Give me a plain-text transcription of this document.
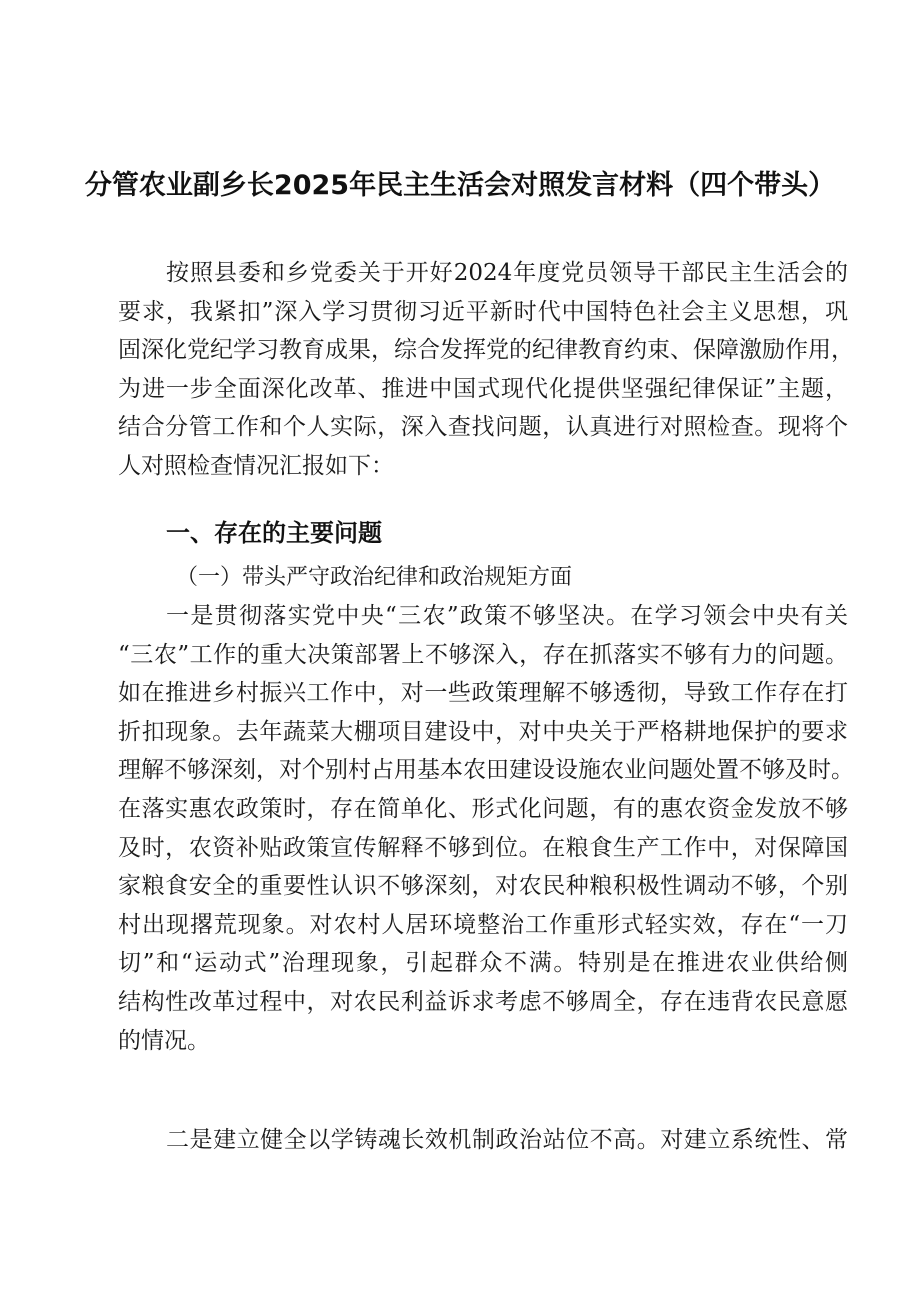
分管农业副乡长2025年民主生活会对照发言材料（四个带头）
按照县委和乡党委关于开好2024年度党员领导干部民主生活会的
要求，我紧扣”深入学习贯彻习近平新时代中国特色社会主义思想，巩
固深化党纪学习教育成果，综合发挥党的纪律教育约束、保障激励作用，
为进一步全面深化改革、推进中国式现代化提供坚强纪律保证”主题，
结合分管工作和个人实际，深入查找问题，认真进行对照检查。现将个
人对照检查情况汇报如下：
一、存在的主要问题
（一）带头严守政治纪律和政治规矩方面
一是贯彻落实党中央“三农”政策不够坚决。在学习领会中央有关
“三农”工作的重大决策部署上不够深入，存在抓落实不够有力的问题。
如在推进乡村振兴工作中，对一些政策理解不够透彻，导致工作存在打
折扣现象。去年蔬菜大棚项目建设中，对中央关于严格耕地保护的要求
理解不够深刻，对个别村占用基本农田建设设施农业问题处置不够及时。
在落实惠农政策时，存在简单化、形式化问题，有的惠农资金发放不够
及时，农资补贴政策宣传解释不够到位。在粮食生产工作中，对保障国
家粮食安全的重要性认识不够深刻，对农民种粮积极性调动不够，个别
村出现撂荒现象。对农村人居环境整治工作重形式轻实效，存在“一刀
切”和“运动式”治理现象，引起群众不满。特别是在推进农业供给侧
结构性改革过程中，对农民利益诉求考虑不够周全，存在违背农民意愿
的情况。
二是建立健全以学铸魂长效机制政治站位不高。对建立系统性、常
